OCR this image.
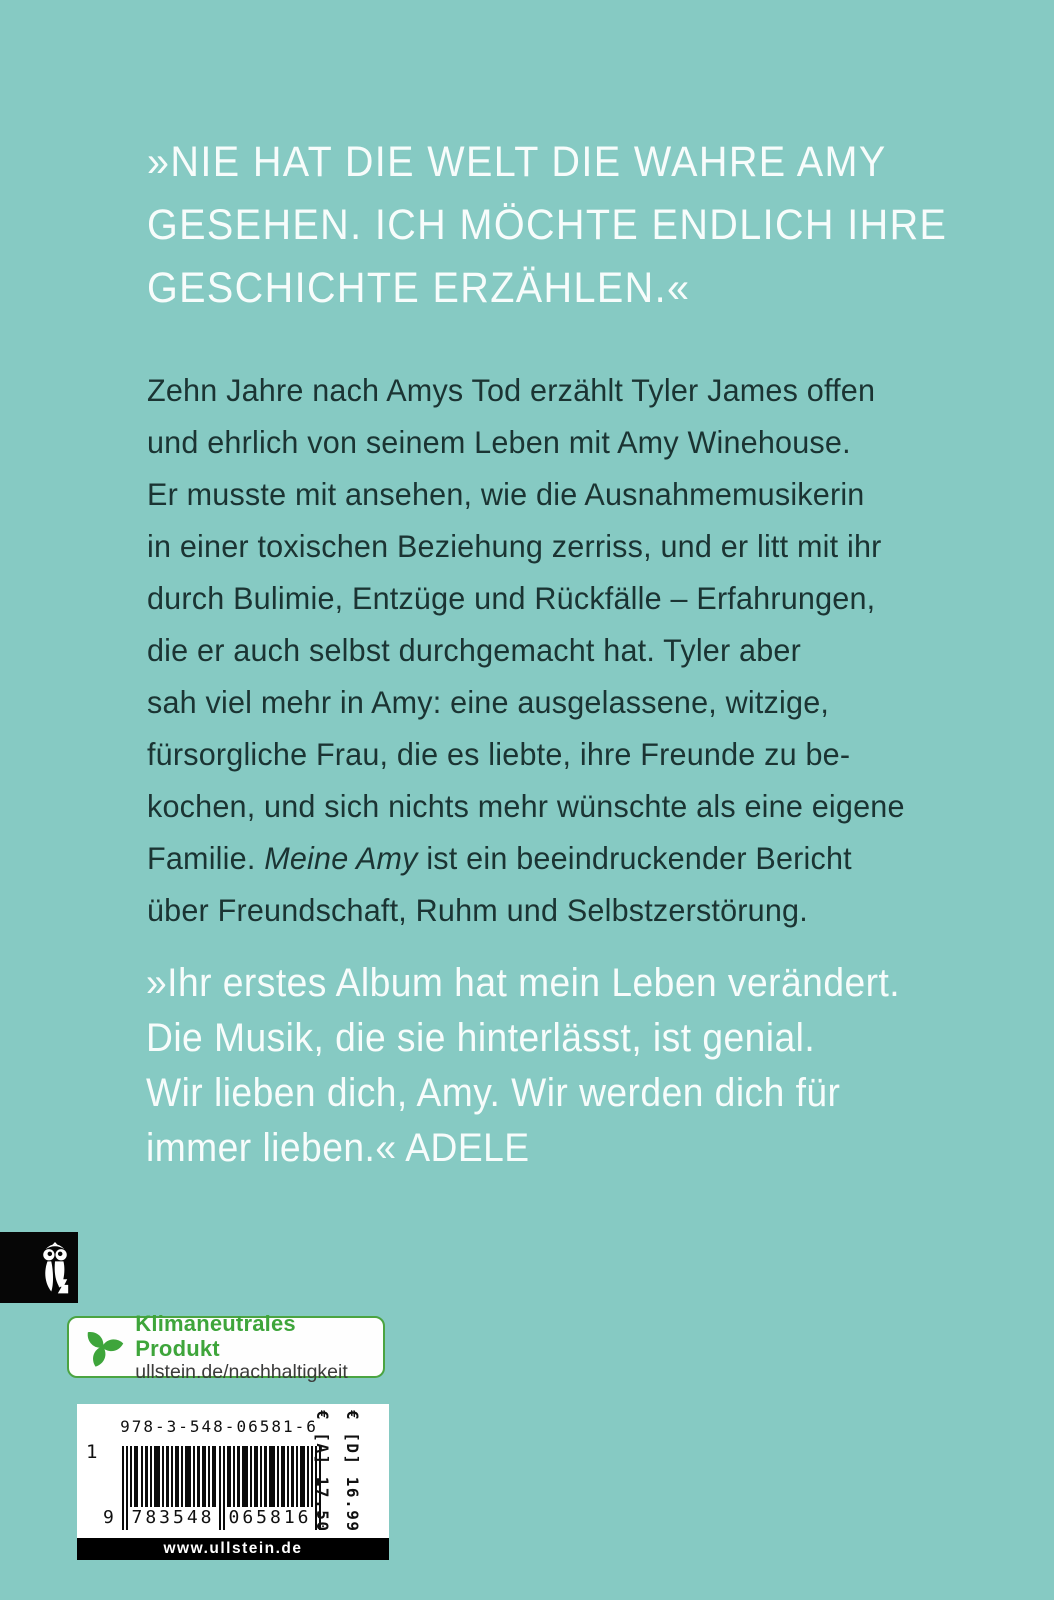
»NIE HAT DIE WELT DIE WAHRE AMY
GESEHEN. ICH MÖCHTE ENDLICH IHRE
GESCHICHTE ERZÄHLEN.«
Zehn Jahre nach Amys Tod erzählt Tyler James offen
und ehrlich von seinem Leben mit Amy Winehouse.
Er musste mit ansehen, wie die Ausnahmemusikerin
in einer toxischen Beziehung zerriss, und er litt mit ihr
durch Bulimie, Entzüge und Rückfälle – Erfahrungen,
die er auch selbst durchgemacht hat. Tyler aber
sah viel mehr in Amy: eine ausgelassene, witzige,
fürsorgliche Frau, die es liebte, ihre Freunde zu be-
kochen, und sich nichts mehr wünschte als eine eigene
Familie. Meine Amy ist ein beeindruckender Bericht
über Freundschaft, Ruhm und Selbstzerstörung.
»Ihr erstes Album hat mein Leben verändert.
Die Musik, die sie hinterlässt, ist genial.
Wir lieben dich, Amy. Wir werden dich für
immer lieben.« ADELE
Klimaneutrales Produkt
ullstein.de/nachhaltigkeit
978-3-548-06581-6
1
9 783548 065816 € [A] 17.50 € [D] 16.99
www.ullstein.de
